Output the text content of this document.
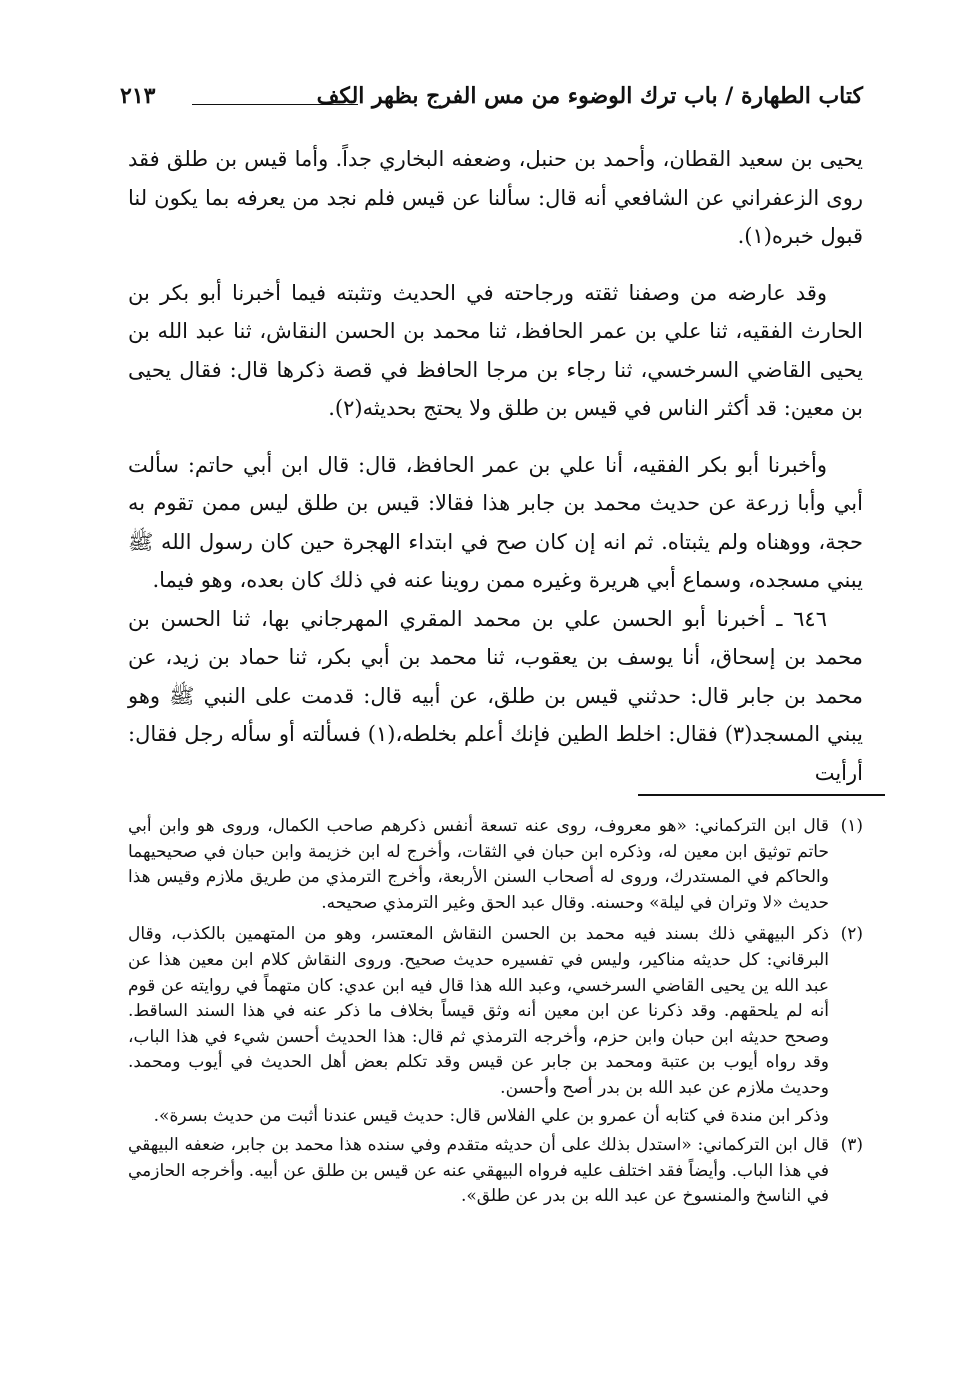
كتاب الطهارة / باب ترك الوضوء من مس الفرج بظهر الكف
٢١٣

يحيى بن سعيد القطان، وأحمد بن حنبل، وضعفه البخاري جداً. وأما قيس بن طلق فقد روى الزعفراني عن الشافعي أنه قال: سألنا عن قيس فلم نجد من يعرفه بما يكون لنا قبول خبره(١).

وقد عارضه من وصفنا ثقته ورجاحته في الحديث وتثبته فيما أخبرنا أبو بكر بن الحارث الفقيه، ثنا علي بن عمر الحافظ، ثنا محمد بن الحسن النقاش، ثنا عبد الله بن يحيى القاضي السرخسي، ثنا رجاء بن مرجا الحافظ في قصة ذكرها قال: فقال يحيى بن معين: قد أكثر الناس في قيس بن طلق ولا يحتج بحديثه(٢).

وأخبرنا أبو بكر الفقيه، أنا علي بن عمر الحافظ، قال: قال ابن أبي حاتم: سألت أبي وأبا زرعة عن حديث محمد بن جابر هذا فقالا: قيس بن طلق ليس ممن تقوم به حجة، ووهناه ولم يثبتاه. ثم انه إن كان صح في ابتداء الهجرة حين كان رسول الله ﷺ يبني مسجده، وسماع أبي هريرة وغيره ممن روينا عنه في ذلك كان بعده، وهو فيما.

٦٤٦ ـ أخبرنا أبو الحسن علي بن محمد المقري المهرجاني بها، ثنا الحسن بن محمد بن إسحاق، أنا يوسف بن يعقوب، ثنا محمد بن أبي بكر، ثنا حماد بن زيد، عن محمد بن جابر قال: حدثني قيس بن طلق، عن أبيه قال: قدمت على النبي ﷺ وهو يبني المسجد(٣) فقال: اخلط الطين فإنك أعلم بخلطه،(١) فسألته أو سأله رجل فقال: أرأيت

(١)
قال ابن التركماني: «هو معروف، روى عنه تسعة أنفس ذكرهم صاحب الكمال، وروى هو وابن أبي حاتم توثيق ابن معين له، وذكره ابن حبان في الثقات، وأخرج له ابن خزيمة وابن حبان في صحيحيهما والحاكم في المستدرك، وروى له أصحاب السنن الأربعة، وأخرج الترمذي من طريق ملازم وقيس هذا حديث «لا وتران في ليلة» وحسنه. وقال عبد الحق وغير الترمذي صحيحه.
(٢)
ذكر البيهقي ذلك بسند فيه محمد بن الحسن النقاش المعتسر، وهو من المتهمين بالكذب، وقال البرقاني: كل حديثه مناكير، وليس في تفسيره حديث صحيح. وروى النقاش كلام ابن معين هذا عن عبد الله ين يحيى القاضي السرخسي، وعبد الله هذا قال فيه ابن عدي: كان متهماً في روايته عن قوم أنه لم يلحقهم. وقد ذكرنا عن ابن معين أنه وثق قيساً بخلاف ما ذكر عنه في هذا السند الساقط. وصحح حديثه ابن حبان وابن حزم، وأخرجه الترمذي ثم قال: هذا الحديث أحسن شيء في هذا الباب، وقد رواه أيوب بن عتبة ومحمد بن جابر عن قيس وقد تكلم بعض أهل الحديث في أيوب ومحمد. وحديث ملازم عن عبد الله بن بدر أصح وأحسن.

وذكر ابن مندة في كتابه أن عمرو بن علي الفلاس قال: حديث قيس عندنا أثبت من حديث بسرة».

(٣)
قال ابن التركماني: «استدل بذلك على أن حديثه متقدم وفي سنده هذا محمد بن جابر، ضعفه البيهقي في هذا الباب. وأيضاً فقد اختلف عليه فرواه البيهقي عنه عن قيس بن طلق عن أبيه. وأخرجه الحازمي في الناسخ والمنسوخ عن عبد الله بن بدر عن طلق».
